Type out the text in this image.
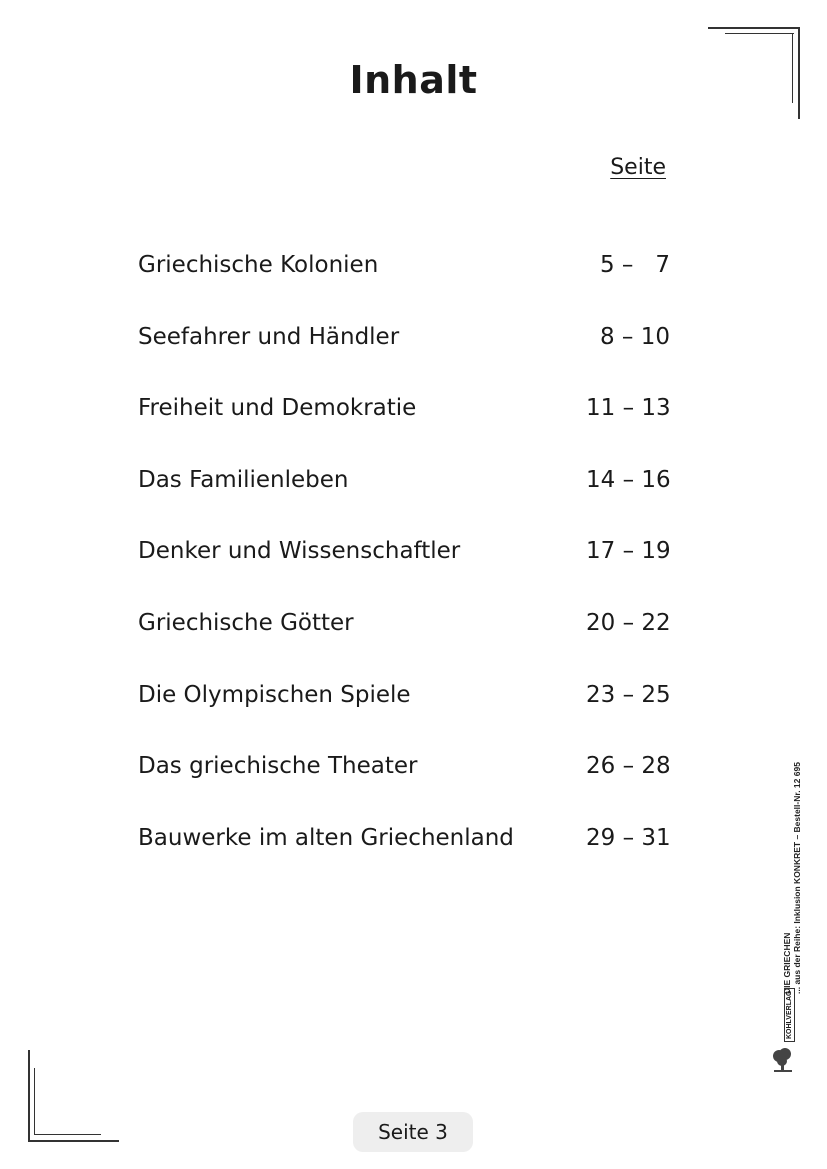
Inhalt
Seite
Griechische Kolonien	5 –   7
Seefahrer und Händler	8 – 10
Freiheit und Demokratie	11 – 13
Das Familienleben	14 – 16
Denker und Wissenschaftler	17 – 19
Griechische Götter	20 – 22
Die Olympischen Spiele	23 – 25
Das griechische Theater	26 – 28
Bauwerke im alten Griechenland	29 – 31
DIE GRIECHEN ... aus der Reihe: Inklusion KONKRET – Bestell-Nr. 12 695
KOHLVERLAG
Seite 3
